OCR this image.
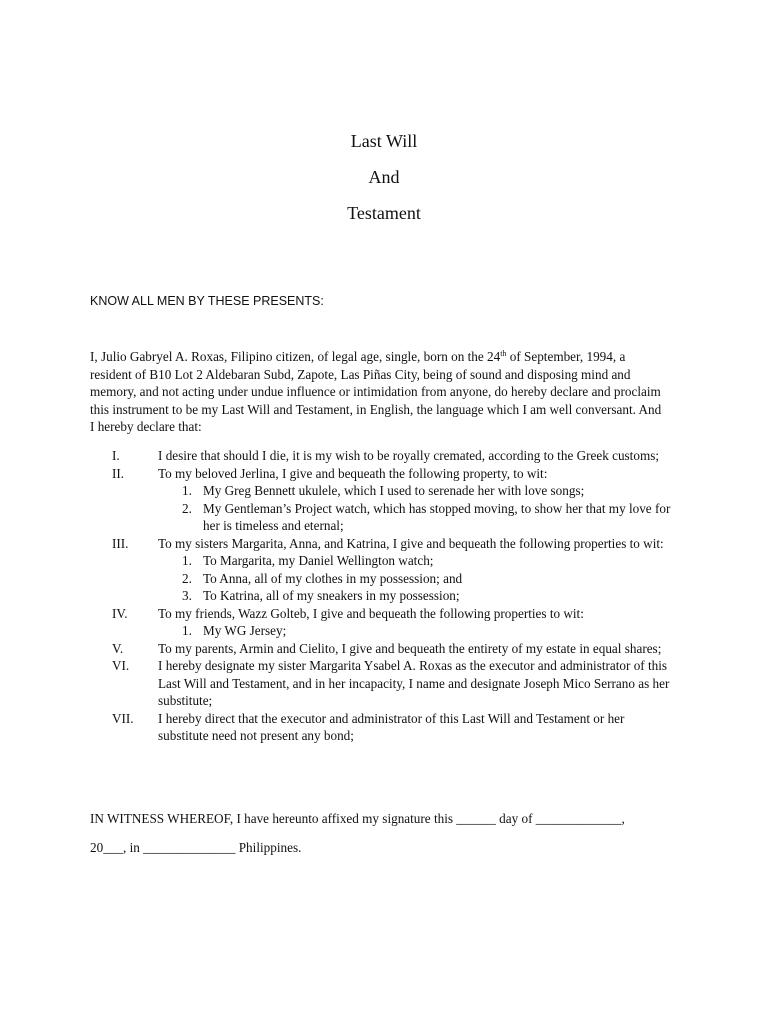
Last Will
And
Testament
KNOW ALL MEN BY THESE PRESENTS:
I, Julio Gabryel A. Roxas, Filipino citizen, of legal age, single, born on the 24th of September, 1994, a resident of B10 Lot 2 Aldebaran Subd, Zapote, Las Piñas City, being of sound and disposing mind and memory, and not acting under undue influence or intimidation from anyone, do hereby declare and proclaim this instrument to be my Last Will and Testament, in English, the language which I am well conversant. And I hereby declare that:
I.	I desire that should I die, it is my wish to be royally cremated, according to the Greek customs;
II.	To my beloved Jerlina, I give and bequeath the following property, to wit:
1. My Greg Bennett ukulele, which I used to serenade her with love songs;
2. My Gentleman’s Project watch, which has stopped moving, to show her that my love for her is timeless and eternal;
III. To my sisters Margarita, Anna, and Katrina, I give and bequeath the following properties to wit:
1. To Margarita, my Daniel Wellington watch;
2. To Anna, all of my clothes in my possession; and
3. To Katrina, all of my sneakers in my possession;
IV. To my friends, Wazz Golteb, I give and bequeath the following properties to wit:
1. My WG Jersey;
V.	To my parents, Armin and Cielito, I give and bequeath the entirety of my estate in equal shares;
VI. I hereby designate my sister Margarita Ysabel A. Roxas as the executor and administrator of this Last Will and Testament, and in her incapacity, I name and designate Joseph Mico Serrano as her substitute;
VII. I hereby direct that the executor and administrator of this Last Will and Testament or her substitute need not present any bond;
IN WITNESS WHEREOF, I have hereunto affixed my signature this ______ day of _____________,
20___, in ______________ Philippines.
